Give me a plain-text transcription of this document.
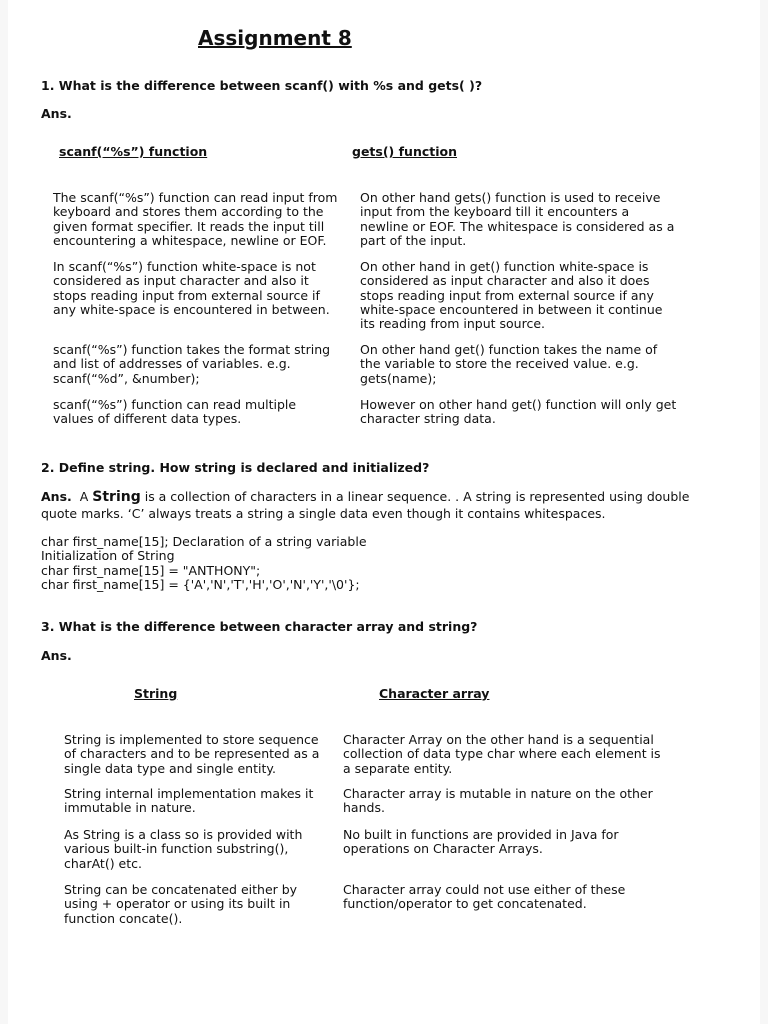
Assignment 8
1. What is the difference between scanf() with %s and gets( )?
Ans.
scanf(“%s”) function	gets() function
The scanf(“%s”) function can read input from
keyboard and stores them according to the
given format specifier. It reads the input till
encountering a whitespace, newline or EOF.
On other hand gets() function is used to receive
input from the keyboard till it encounters a
newline or EOF. The whitespace is considered as a
part of the input.
In scanf(“%s”) function white-space is not
considered as input character and also it
stops reading input from external source if
any white-space is encountered in between.
On other hand in get() function white-space is
considered as input character and also it does
stops reading input from external source if any
white-space encountered in between it continue
its reading from input source.
scanf(“%s”) function takes the format string
and list of addresses of variables. e.g.
scanf(“%d”, &number);
On other hand get() function takes the name of
the variable to store the received value. e.g.
gets(name);
scanf(“%s”) function can read multiple
values of different data types.
However on other hand get() function will only get
character string data.
2. Define string. How string is declared and initialized?
Ans. A String is a collection of characters in a linear sequence. . A string is represented using double
quote marks. ‘C’ always treats a string a single data even though it contains whitespaces.
char first_name[15]; Declaration of a string variable
Initialization of String
char first_name[15] = "ANTHONY";
char first_name[15] = {'A','N','T','H','O','N','Y','\0'};
3. What is the difference between character array and string?
Ans.
String	Character array
String is implemented to store sequence
of characters and to be represented as a
single data type and single entity.
Character Array on the other hand is a sequential
collection of data type char where each element is
a separate entity.
String internal implementation makes it
immutable in nature.
Character array is mutable in nature on the other
hands.
As String is a class so is provided with
various built-in function substring(),
charAt() etc.
No built in functions are provided in Java for
operations on Character Arrays.
String can be concatenated either by
using + operator or using its built in
function concate().
Character array could not use either of these
function/operator to get concatenated.
